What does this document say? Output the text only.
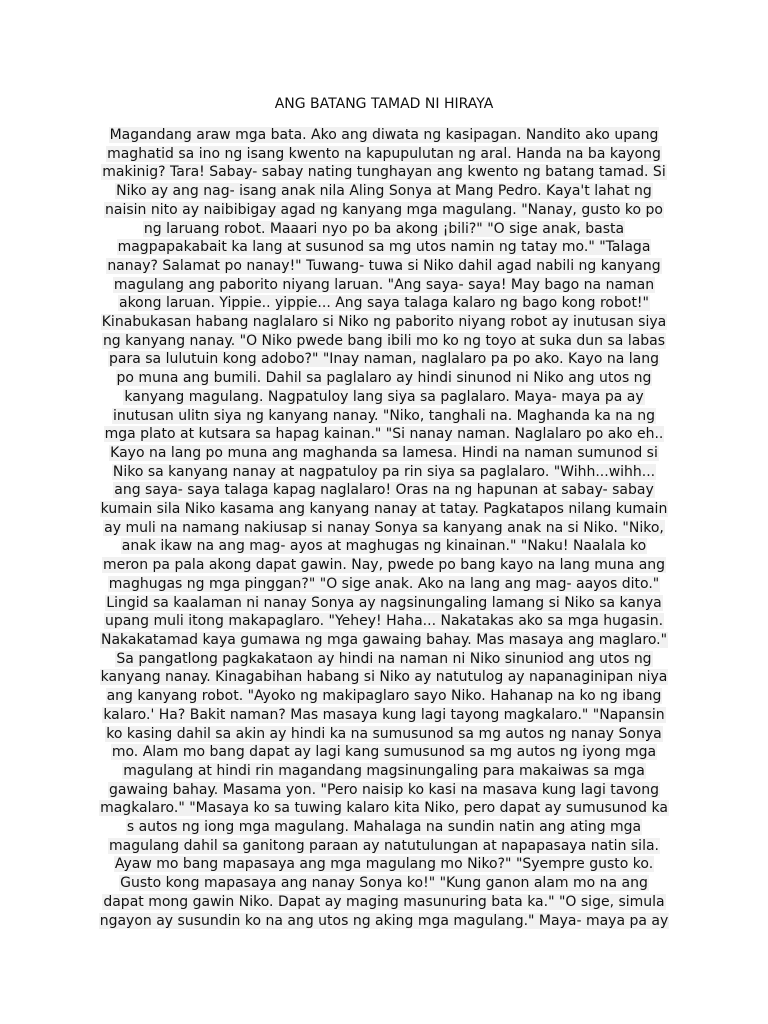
ANG BATANG TAMAD NI HIRAYA
Magandang araw mga bata. Ako ang diwata ng kasipagan. Nandito ako upang
maghatid sa ino ng isang kwento na kapupulutan ng aral. Handa na ba kayong
makinig? Tara! Sabay- sabay nating tunghayan ang kwento ng batang tamad. Si
Niko ay ang nag- isang anak nila Aling Sonya at Mang Pedro. Kaya't lahat ng
naisin nito ay naibibigay agad ng kanyang mga magulang. "Nanay, gusto ko po
ng laruang robot. Maaari nyo po ba akong ¡bili?" "O sige anak, basta
magpapakabait ka lang at susunod sa mg utos namin ng tatay mo." "Talaga
nanay? Salamat po nanay!" Tuwang- tuwa si Niko dahil agad nabili ng kanyang
magulang ang paborito niyang laruan. "Ang saya- saya! May bago na naman
akong laruan. Yippie.. yippie... Ang saya talaga kalaro ng bago kong robot!"
Kinabukasan habang naglalaro si Niko ng paborito niyang robot ay inutusan siya
ng kanyang nanay. "O Niko pwede bang ibili mo ko ng toyo at suka dun sa labas
para sa lulutuin kong adobo?" "Inay naman, naglalaro pa po ako. Kayo na lang
po muna ang bumili. Dahil sa paglalaro ay hindi sinunod ni Niko ang utos ng
kanyang magulang. Nagpatuloy lang siya sa paglalaro. Maya- maya pa ay
inutusan ulitn siya ng kanyang nanay. "Niko, tanghali na. Maghanda ka na ng
mga plato at kutsara sa hapag kainan." "Si nanay naman. Naglalaro po ako eh..
Kayo na lang po muna ang maghanda sa lamesa. Hindi na naman sumunod si
Niko sa kanyang nanay at nagpatuloy pa rin siya sa paglalaro. "Wihh...wihh...
ang saya- saya talaga kapag naglalaro! Oras na ng hapunan at sabay- sabay
kumain sila Niko kasama ang kanyang nanay at tatay. Pagkatapos nilang kumain
ay muli na namang nakiusap si nanay Sonya sa kanyang anak na si Niko. "Niko,
anak ikaw na ang mag- ayos at maghugas ng kinainan." "Naku! Naalala ko
meron pa pala akong dapat gawin. Nay, pwede po bang kayo na lang muna ang
maghugas ng mga pinggan?" "O sige anak. Ako na lang ang mag- aayos dito."
Lingid sa kaalaman ni nanay Sonya ay nagsinungaling lamang si Niko sa kanya
upang muli itong makapaglaro. "Yehey! Haha... Nakatakas ako sa mga hugasin.
Nakakatamad kaya gumawa ng mga gawaing bahay. Mas masaya ang maglaro."
Sa pangatlong pagkakataon ay hindi na naman ni Niko sinuniod ang utos ng
kanyang nanay. Kinagabihan habang si Niko ay natutulog ay napanaginipan niya
ang kanyang robot. "Ayoko ng makipaglaro sayo Niko. Hahanap na ko ng ibang
kalaro.' Ha? Bakit naman? Mas masaya kung lagi tayong magkalaro." "Napansin
ko kasing dahil sa akin ay hindi ka na sumusunod sa mg autos ng nanay Sonya
mo. Alam mo bang dapat ay lagi kang sumusunod sa mg autos ng iyong mga
magulang at hindi rin magandang magsinungaling para makaiwas sa mga
gawaing bahay. Masama yon. "Pero naisip ko kasi na masava kung lagi tavong
magkalaro." "Masaya ko sa tuwing kalaro kita Niko, pero dapat ay sumusunod ka
s autos ng iong mga magulang. Mahalaga na sundin natin ang ating mga
magulang dahil sa ganitong paraan ay natutulungan at napapasaya natin sila.
Ayaw mo bang mapasaya ang mga magulang mo Niko?" "Syempre gusto ko.
Gusto kong mapasaya ang nanay Sonya ko!" "Kung ganon alam mo na ang
dapat mong gawin Niko. Dapat ay maging masunuring bata ka." "O sige, simula
ngayon ay susundin ko na ang utos ng aking mga magulang." Maya- maya pa ay
